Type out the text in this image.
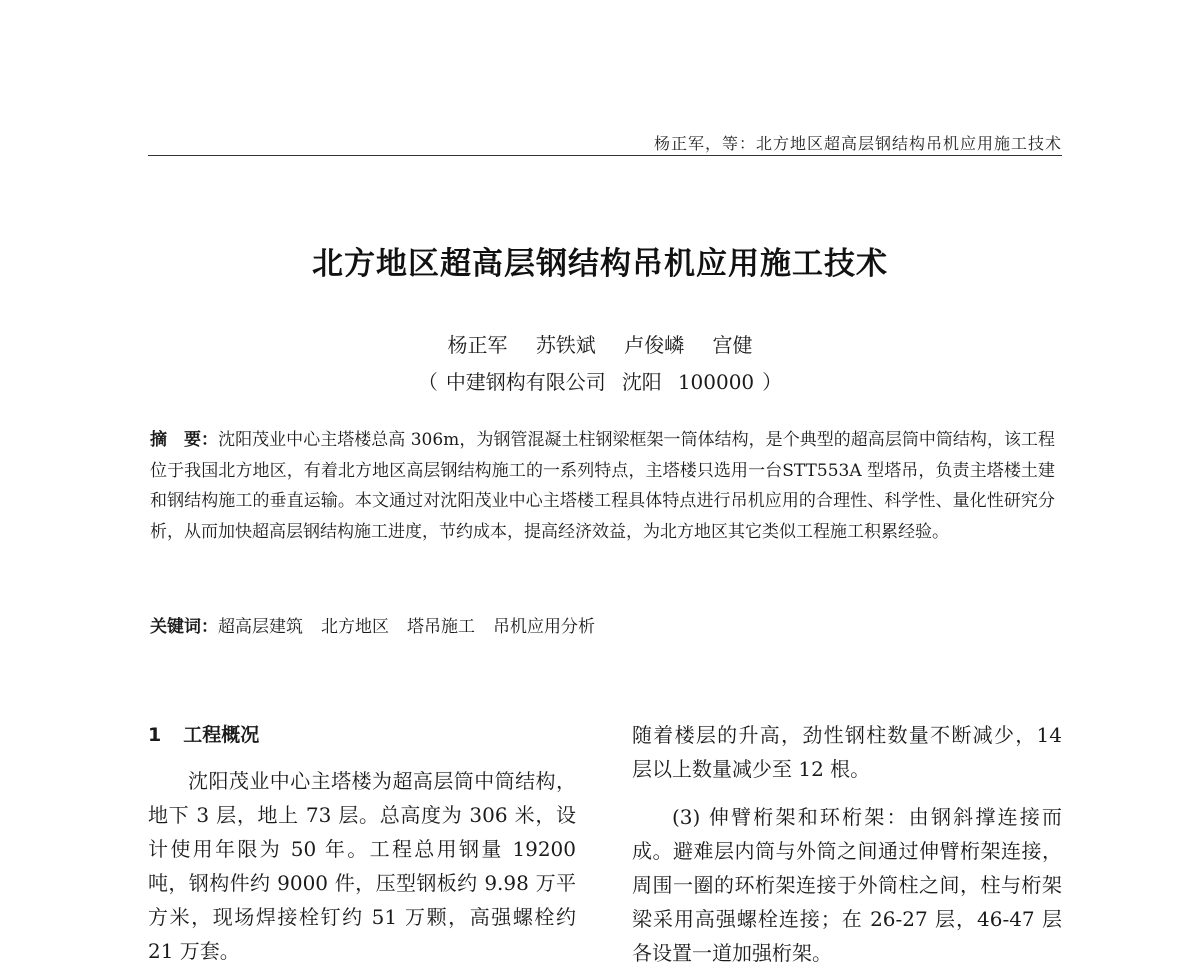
杨正军，等：北方地区超高层钢结构吊机应用施工技术
北方地区超高层钢结构吊机应用施工技术
杨正军 苏铁斌 卢俊嶙 宫健
（ 中建钢构有限公司 沈阳 100000 ）
摘　要：沈阳茂业中心主塔楼总高 306m，为钢管混凝土柱钢梁框架一筒体结构，是个典型的超高层筒中筒结构，该工程位于我国北方地区，有着北方地区高层钢结构施工的一系列特点，主塔楼只选用一台STT553A 型塔吊，负责主塔楼土建和钢结构施工的垂直运输。本文通过对沈阳茂业中心主塔楼工程具体特点进行吊机应用的合理性、科学性、量化性研究分析，从而加快超高层钢结构施工进度，节约成本，提高经济效益，为北方地区其它类似工程施工积累经验。
关键词：超高层建筑 北方地区 塔吊施工 吊机应用分析
1 工程概况

沈阳茂业中心主塔楼为超高层筒中筒结构，地下 3 层，地上 73 层。总高度为 306 米，设计使用年限为 50 年。工程总用钢量 19200 吨，钢构件约 9000 件，压型钢板约 9.98 万平方米，现场焊接栓钉约 51 万颗，高强螺栓约 21 万套。

随着楼层的升高，劲性钢柱数量不断减少，14 层以上数量减少至 12 根。

(3) 伸臂桁架和环桁架：由钢斜撑连接而成。避难层内筒与外筒之间通过伸臂桁架连接，周围一圈的环桁架连接于外筒柱之间，柱与桁架梁采用高强螺栓连接；在 26-27 层，46-47 层各设置一道加强桁架。
